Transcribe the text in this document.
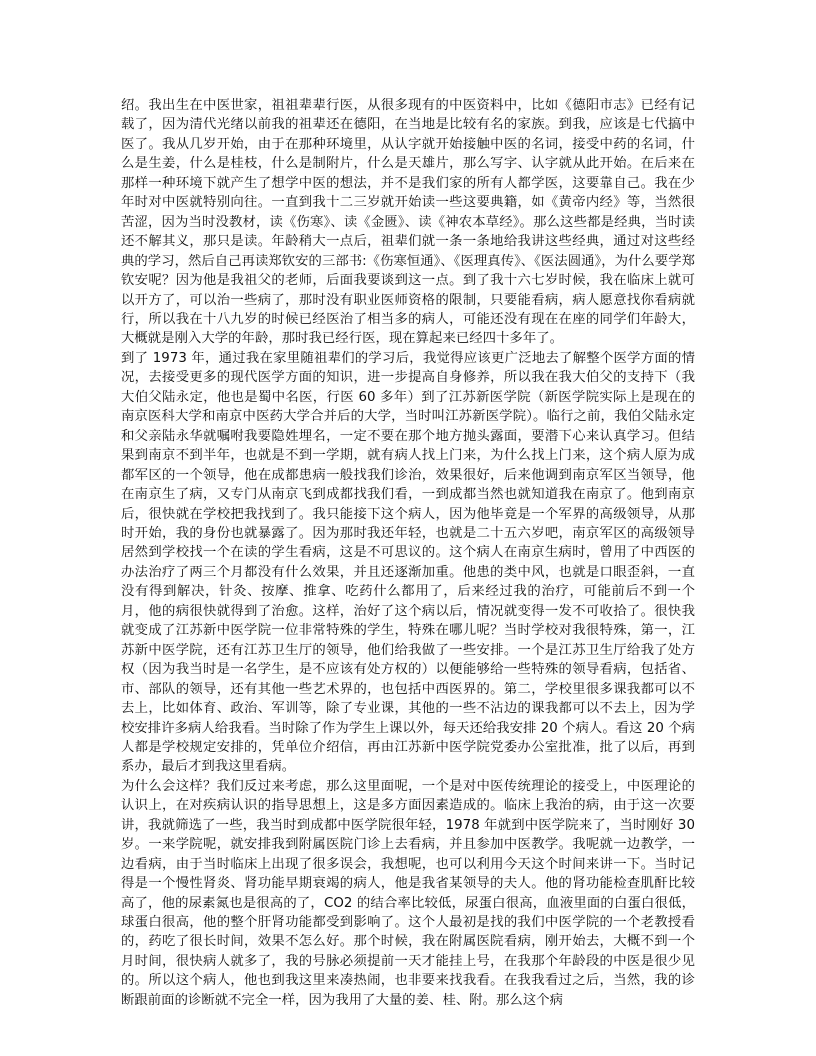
绍。我出生在中医世家，祖祖辈辈行医，从很多现有的中医资料中，比如《德阳市志》已经有记载了，因为清代光绪以前我的祖辈还在德阳，在当地是比较有名的家族。到我，应该是七代搞中医了。我从几岁开始，由于在那种环境里，从认字就开始接触中医的名词，接受中药的名词，什么是生姜，什么是桂枝，什么是制附片，什么是天雄片，那么写字、认字就从此开始。在后来在那样一种环境下就产生了想学中医的想法，并不是我们家的所有人都学医，这要靠自己。我在少年时对中医就特别向往。一直到我十二三岁就开始读一些这要典籍，如《黄帝内经》等，当然很苦涩，因为当时没教材，读《伤寒》、读《金匮》、读《神农本草经》。那么这些都是经典，当时读还不解其义，那只是读。年龄稍大一点后，祖辈们就一条一条地给我讲这些经典，通过对这些经典的学习，然后自己再读郑钦安的三部书:《伤寒恒通》、《医理真传》、《医法圆通》，为什么要学郑钦安呢？因为他是我祖父的老师，后面我要谈到这一点。到了我十六七岁时候，我在临床上就可以开方了，可以治一些病了，那时没有职业医师资格的限制，只要能看病，病人愿意找你看病就行，所以我在十八九岁的时候已经医治了相当多的病人，可能还没有现在在座的同学们年龄大，大概就是刚入大学的年龄，那时我已经行医，现在算起来已经四十多年了。

到了 1973 年，通过我在家里随祖辈们的学习后，我觉得应该更广泛地去了解整个医学方面的情况，去接受更多的现代医学方面的知识，进一步提高自身修养，所以我在我大伯父的支持下（我大伯父陆永定，他也是蜀中名医，行医 60 多年）到了江苏新医学院（新医学院实际上是现在的南京医科大学和南京中医药大学合并后的大学，当时叫江苏新医学院）。临行之前，我伯父陆永定和父亲陆永华就嘱咐我要隐姓埋名，一定不要在那个地方抛头露面，要潜下心来认真学习。但结果到南京不到半年，也就是不到一学期，就有病人找上门来，为什么找上门来，这个病人原为成都军区的一个领导，他在成都患病一般找我们诊治，效果很好，后来他调到南京军区当领导，他在南京生了病，又专门从南京飞到成都找我们看，一到成都当然也就知道我在南京了。他到南京后，很快就在学校把我找到了。我只能接下这个病人，因为他毕竟是一个军界的高级领导，从那时开始，我的身份也就暴露了。因为那时我还年轻，也就是二十五六岁吧，南京军区的高级领导居然到学校找一个在读的学生看病，这是不可思议的。这个病人在南京生病时，曾用了中西医的办法治疗了两三个月都没有什么效果，并且还逐渐加重。他患的类中风，也就是口眼歪斜，一直没有得到解决，针灸、按摩、推拿、吃药什么都用了，后来经过我的治疗，可能前后不到一个月，他的病很快就得到了治愈。这样，治好了这个病以后，情况就变得一发不可收拾了。很快我就变成了江苏新中医学院一位非常特殊的学生，特殊在哪儿呢？当时学校对我很特殊，第一，江苏新中医学院，还有江苏卫生厅的领导，他们给我做了一些安排。一个是江苏卫生厅给我了处方权（因为我当时是一名学生，是不应该有处方权的）以便能够给一些特殊的领导看病，包括省、市、部队的领导，还有其他一些艺术界的，也包括中西医界的。第二，学校里很多课我都可以不去上，比如体育、政治、军训等，除了专业课，其他的一些不沾边的课我都可以不去上，因为学校安排许多病人给我看。当时除了作为学生上课以外，每天还给我安排 20 个病人。看这 20 个病人都是学校规定安排的，凭单位介绍信，再由江苏新中医学院党委办公室批准，批了以后，再到系办，最后才到我这里看病。

为什么会这样？我们反过来考虑，那么这里面呢，一个是对中医传统理论的接受上，中医理论的认识上，在对疾病认识的指导思想上，这是多方面因素造成的。临床上我治的病，由于这一次要讲，我就筛选了一些，我当时到成都中医学院很年轻，1978 年就到中医学院来了，当时刚好 30 岁。一来学院呢，就安排我到附属医院门诊上去看病，并且参加中医教学。我呢就一边教学，一边看病，由于当时临床上出现了很多误会，我想呢，也可以利用今天这个时间来讲一下。当时记得是一个慢性肾炎、肾功能早期衰竭的病人，他是我省某领导的夫人。他的肾功能检查肌酐比较高了，他的尿素氮也是很高的了，CO2 的结合率比较低，尿蛋白很高，血液里面的白蛋白很低，球蛋白很高，他的整个肝肾功能都受到影响了。这个人最初是找的我们中医学院的一个老教授看的，药吃了很长时间，效果不怎么好。那个时候，我在附属医院看病，刚开始去，大概不到一个月时间，很快病人就多了，我的号脉必须提前一天才能挂上号，在我那个年龄段的中医是很少见的。所以这个病人，他也到我这里来凑热闹，也非要来找我看。在我我看过之后，当然，我的诊断跟前面的诊断就不完全一样，因为我用了大量的姜、桂、附。那么这个病
